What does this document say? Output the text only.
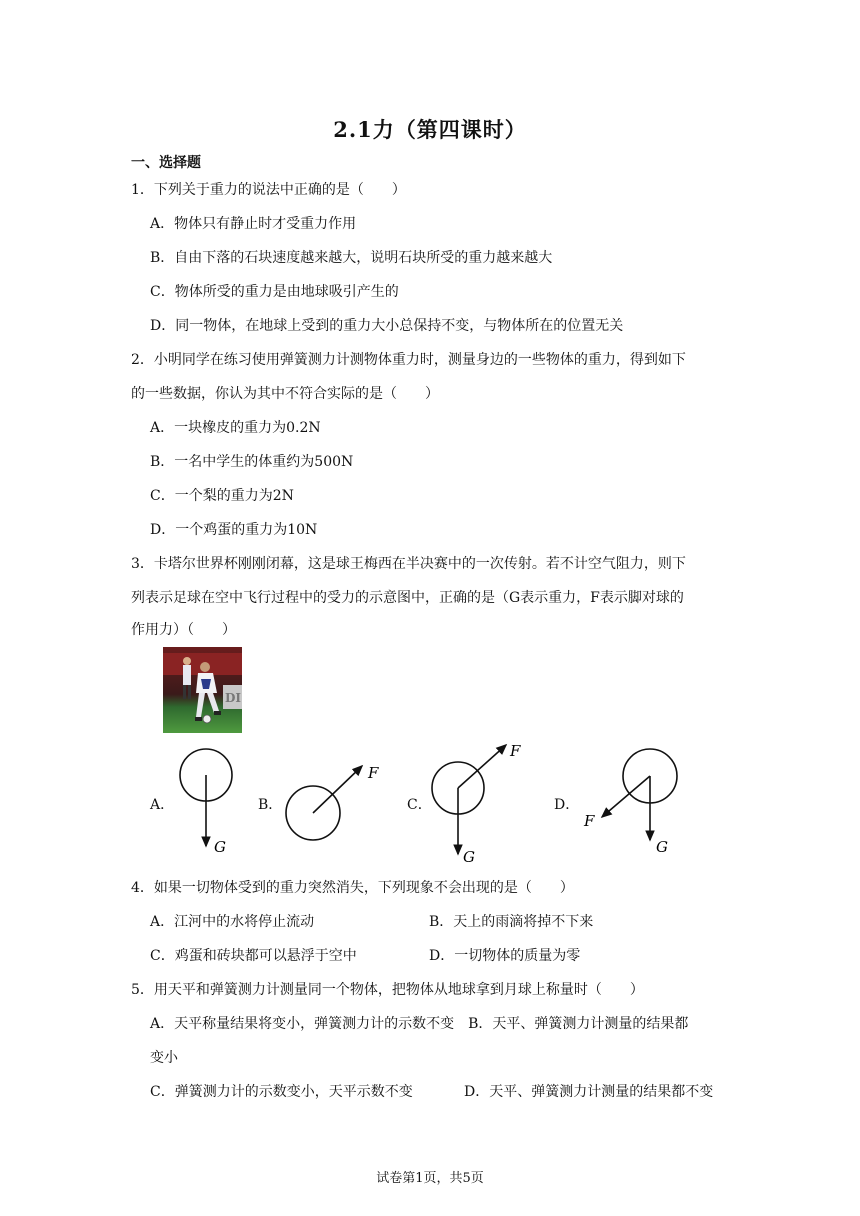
2.1力（第四课时）
一、选择题
1．下列关于重力的说法中正确的是（　　）
A．物体只有静止时才受重力作用
B．自由下落的石块速度越来越大，说明石块所受的重力越来越大
C．物体所受的重力是由地球吸引产生的
D．同一物体，在地球上受到的重力大小总保持不变，与物体所在的位置无关
2．小明同学在练习使用弹簧测力计测物体重力时，测量身边的一些物体的重力，得到如下
的一些数据，你认为其中不符合实际的是（　　）
A．一块橡皮的重力为0.2N
B．一名中学生的体重约为500N
C．一个梨的重力为2N
D．一个鸡蛋的重力为10N
3．卡塔尔世界杯刚刚闭幕，这是球王梅西在半决赛中的一次传射。若不计空气阻力，则下
列表示足球在空中飞行过程中的受力的示意图中，正确的是（G表示重力，F表示脚对球的
作用力）（　　）
DI
A．
G
B．
F
C．
F
G
D．
F
G
4．如果一切物体受到的重力突然消失，下列现象不会出现的是（　　）
A．江河中的水将停止流动	B．天上的雨滴将掉不下来
C．鸡蛋和砖块都可以悬浮于空中	D．一切物体的质量为零
5．用天平和弹簧测力计测量同一个物体，把物体从地球拿到月球上称量时（　　）
A．天平称量结果将变小，弹簧测力计的示数不变　B．天平、弹簧测力计测量的结果都
变小
C．弹簧测力计的示数变小，天平示数不变	D．天平、弹簧测力计测量的结果都不变
试卷第1页，共5页
